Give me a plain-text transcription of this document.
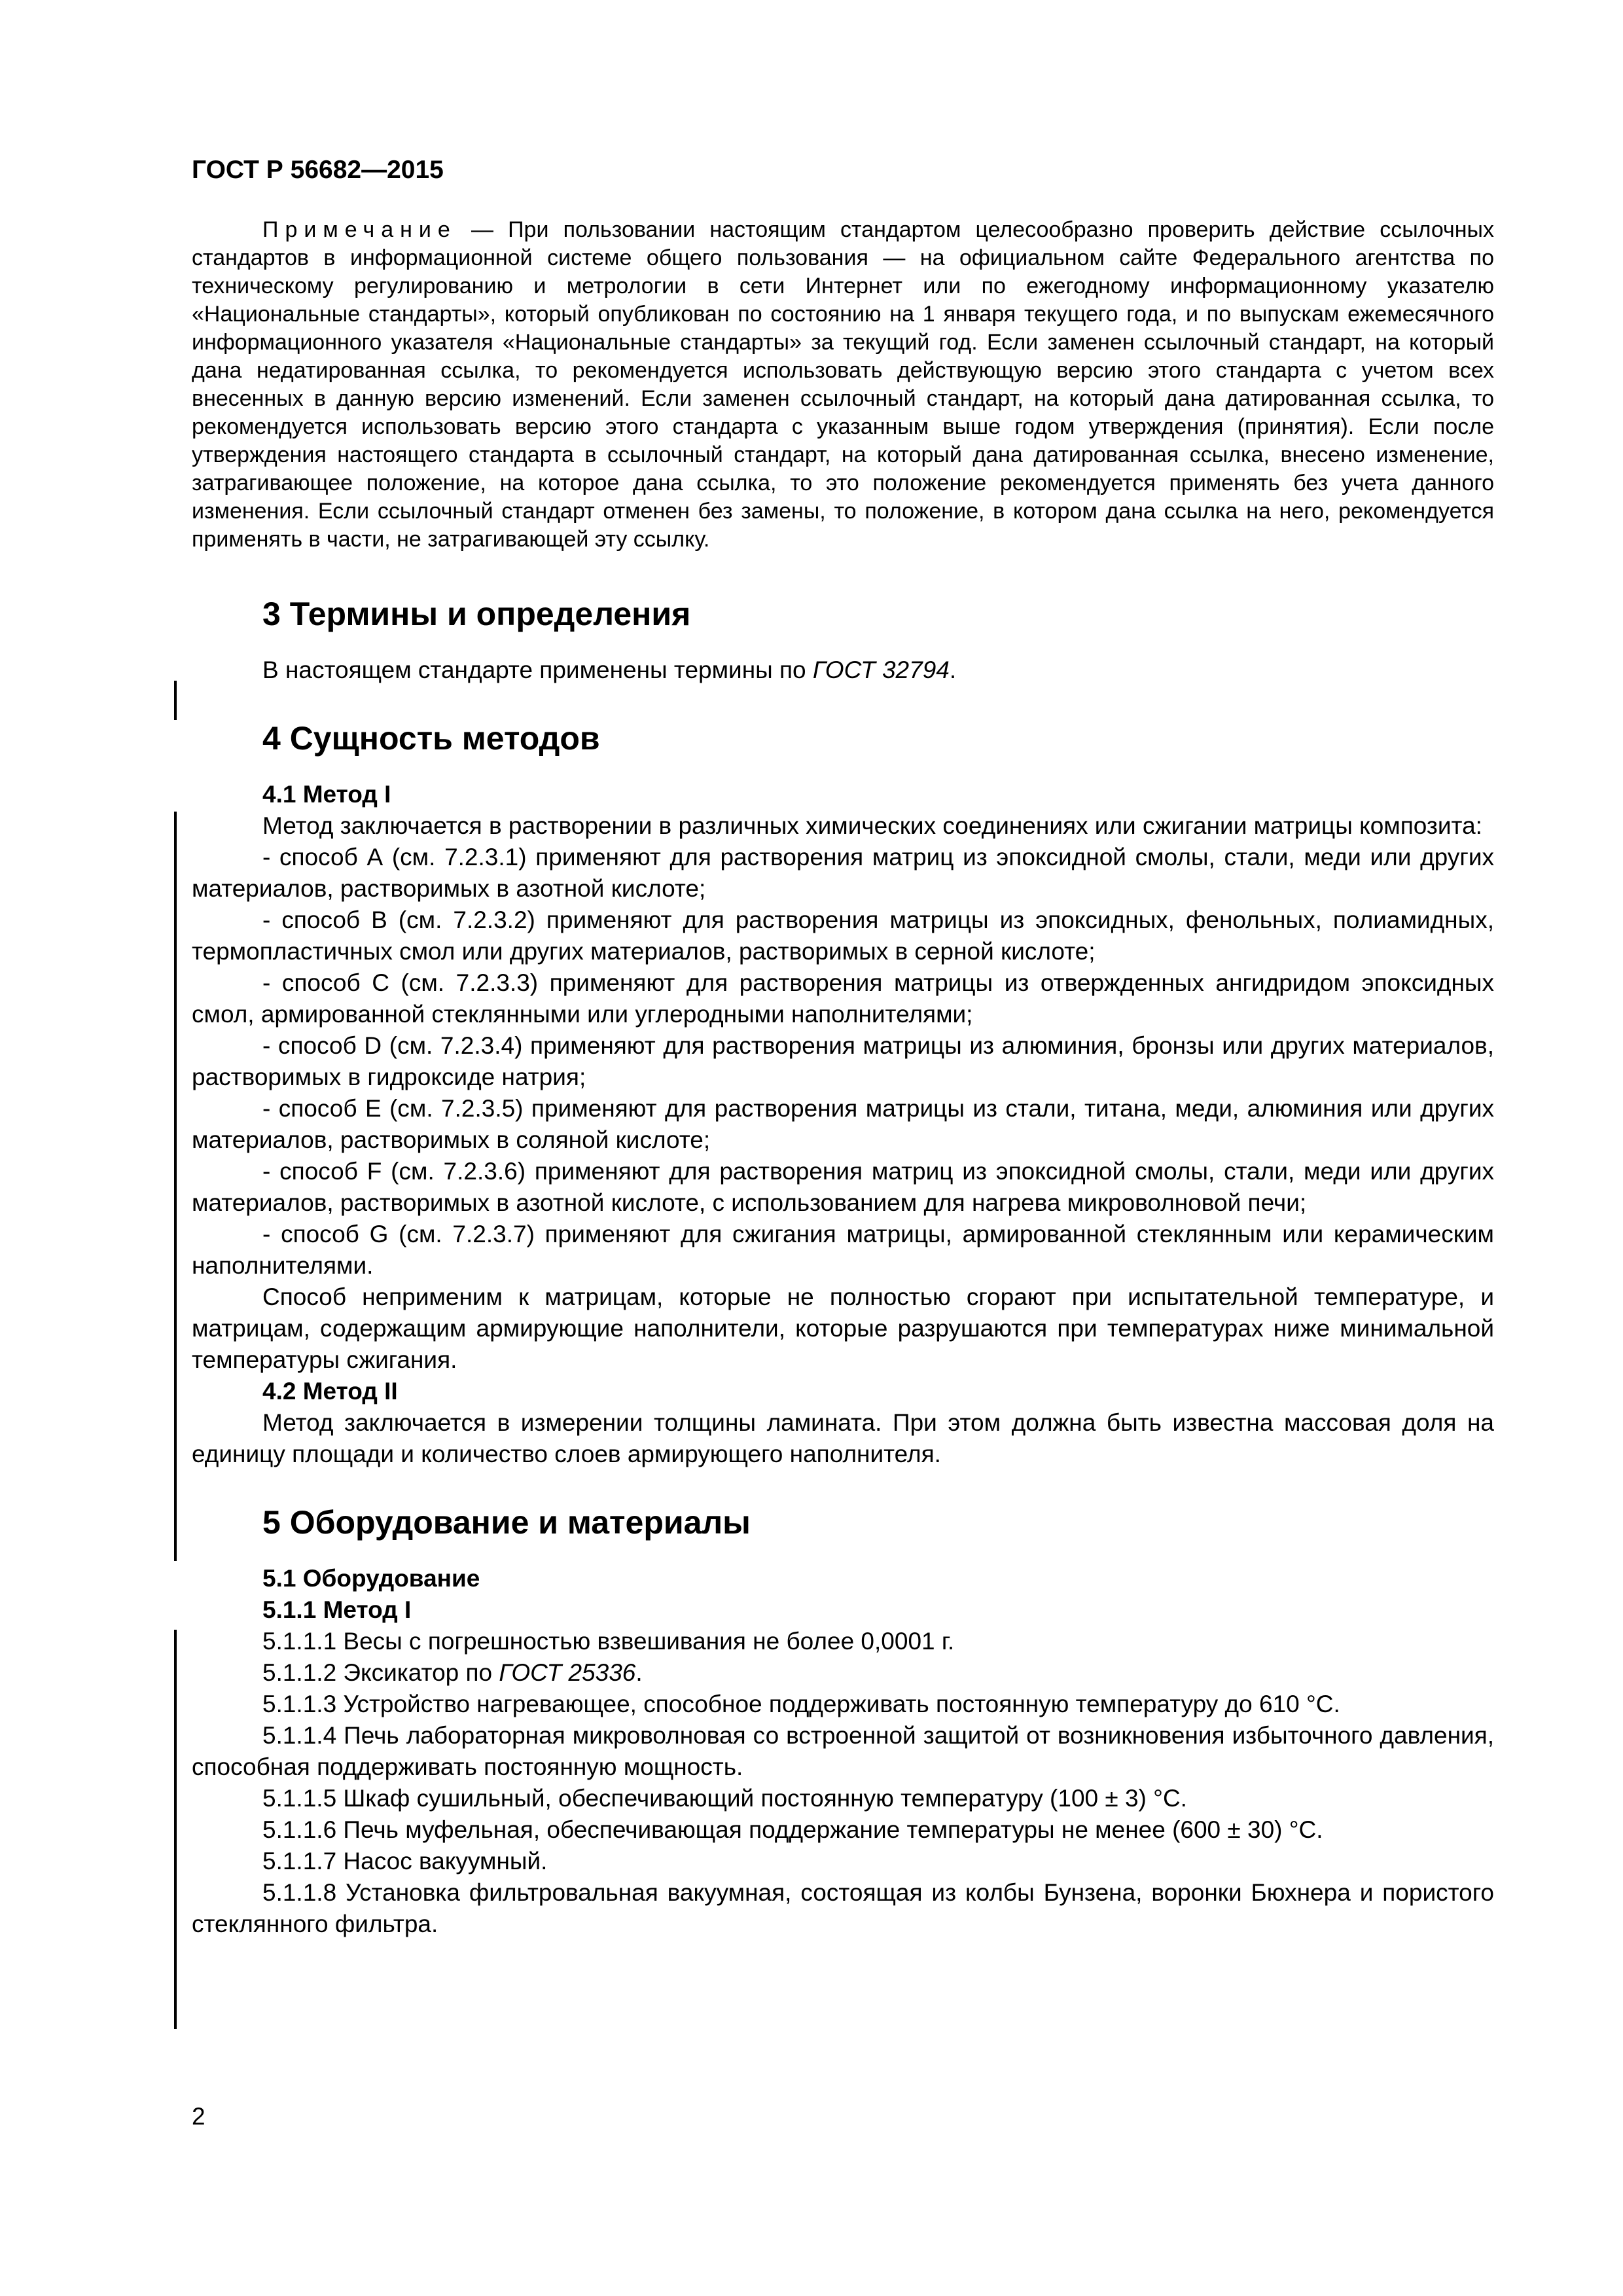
ГОСТ Р 56682—2015

Примечание — При пользовании настоящим стандартом целесообразно проверить действие ссылочных стандартов в информационной системе общего пользования — на официальном сайте Федерального агентства по техническому регулированию и метрологии в сети Интернет или по ежегодному информационному указателю «Национальные стандарты», который опубликован по состоянию на 1 января текущего года, и по выпускам ежемесячного информационного указателя «Национальные стандарты» за текущий год. Если заменен ссылочный стандарт, на который дана недатированная ссылка, то рекомендуется использовать действующую версию этого стандарта с учетом всех внесенных в данную версию изменений. Если заменен ссылочный стандарт, на который дана датированная ссылка, то рекомендуется использовать версию этого стандарта с указанным выше годом утверждения (принятия). Если после утверждения настоящего стандарта в ссылочный стандарт, на который дана датированная ссылка, внесено изменение, затрагивающее положение, на которое дана ссылка, то это положение рекомендуется применять без учета данного изменения. Если ссылочный стандарт отменен без замены, то положение, в котором дана ссылка на него, рекомендуется применять в части, не затрагивающей эту ссылку.

3 Термины и определения

В настоящем стандарте применены термины по ГОСТ 32794.

4 Сущность методов
4.1 Метод I

Метод заключается в растворении в различных химических соединениях или сжигании матрицы композита:

- способ А (см. 7.2.3.1) применяют для растворения матриц из эпоксидной смолы, стали, меди или других материалов, растворимых в азотной кислоте;

- способ В (см. 7.2.3.2) применяют для растворения матрицы из эпоксидных, фенольных, полиамидных, термопластичных смол или других материалов, растворимых в серной кислоте;

- способ С (см. 7.2.3.3) применяют для растворения матрицы из отвержденных ангидридом эпоксидных смол, армированной стеклянными или углеродными наполнителями;

- способ D (см. 7.2.3.4) применяют для растворения матрицы из алюминия, бронзы или других материалов, растворимых в гидроксиде натрия;

- способ Е (см. 7.2.3.5) применяют для растворения матрицы из стали, титана, меди, алюминия или других материалов, растворимых в соляной кислоте;

- способ F (см. 7.2.3.6) применяют для растворения матриц из эпоксидной смолы, стали, меди или других материалов, растворимых в азотной кислоте, с использованием для нагрева микроволновой печи;

- способ G (см. 7.2.3.7) применяют для сжигания матрицы, армированной стеклянным или керамическим наполнителями.

Способ неприменим к матрицам, которые не полностью сгорают при испытательной температуре, и матрицам, содержащим армирующие наполнители, которые разрушаются при температурах ниже минимальной температуры сжигания.

4.2 Метод II

Метод заключается в измерении толщины ламината. При этом должна быть известна массовая доля на единицу площади и количество слоев армирующего наполнителя.

5 Оборудование и материалы
5.1 Оборудование
5.1.1 Метод I

5.1.1.1 Весы с погрешностью взвешивания не более 0,0001 г.

5.1.1.2 Эксикатор по ГОСТ 25336.

5.1.1.3 Устройство нагревающее, способное поддерживать постоянную температуру до 610 °С.

5.1.1.4 Печь лабораторная микроволновая со встроенной защитой от возникновения избыточного давления, способная поддерживать постоянную мощность.

5.1.1.5 Шкаф сушильный, обеспечивающий постоянную температуру (100 ± 3) °С.

5.1.1.6 Печь муфельная, обеспечивающая поддержание температуры не менее (600 ± 30) °С.

5.1.1.7 Насос вакуумный.

5.1.1.8 Установка фильтровальная вакуумная, состоящая из колбы Бунзена, воронки Бюхнера и пористого стеклянного фильтра.

2
